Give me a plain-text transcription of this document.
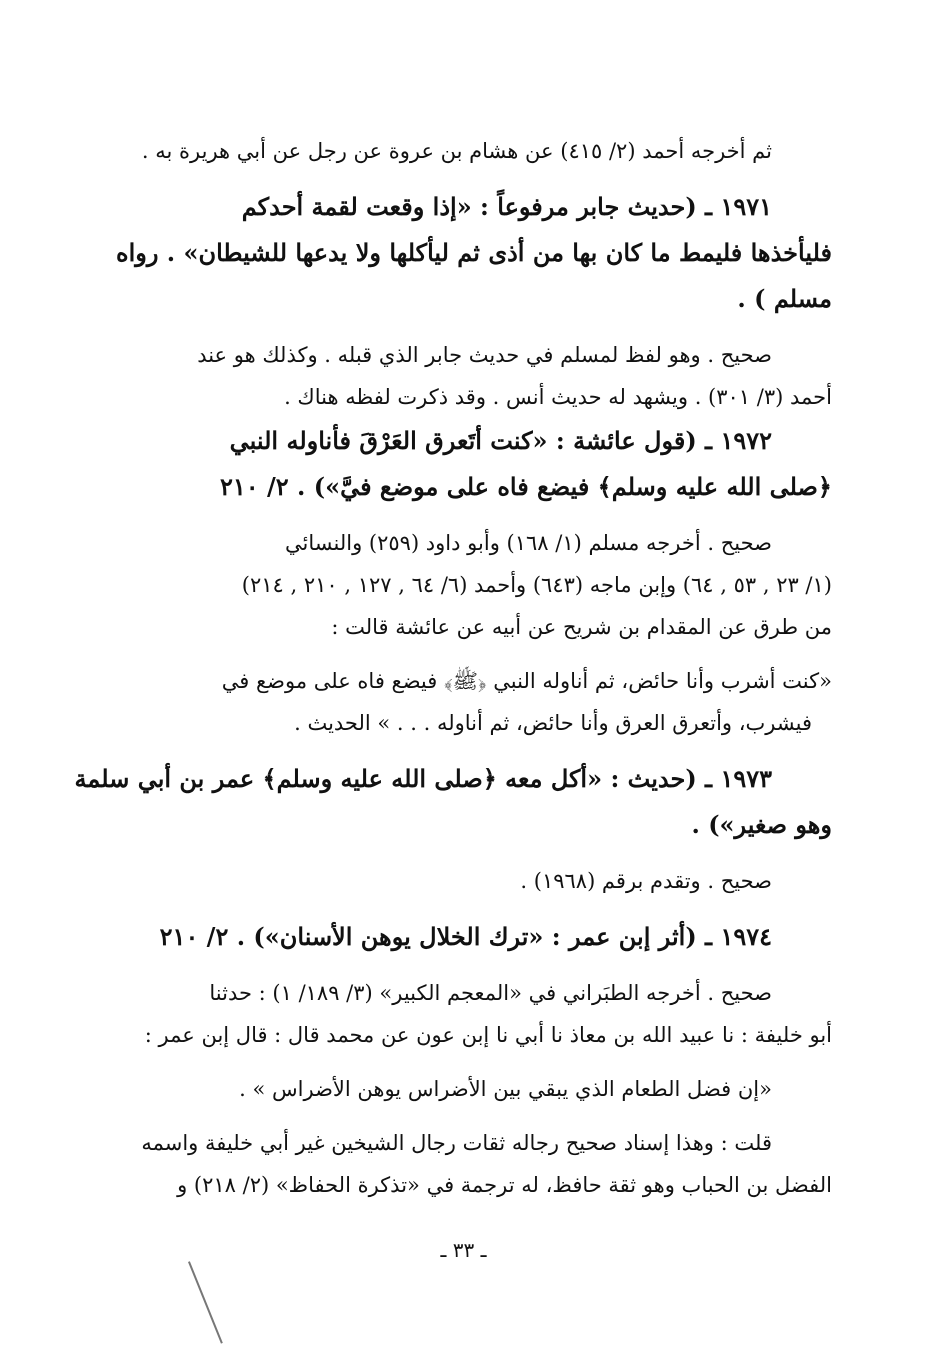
ثم أخرجه أحمد (٢/ ٤١٥) عن هشام بن عروة عن رجل عن أبي هريرة به .
١٩٧١ ـ (حديث جابر مرفوعاً : «إذا وقعت لقمة أحدكم
فليأخذها فليمط ما كان بها من أذى ثم ليأكلها ولا يدعها للشيطان» . رواه
مسلم ) .
صحيح . وهو لفظ لمسلم في حديث جابر الذي قبله . وكذلك هو عند
أحمد (٣/ ٣٠١) . ويشهد له حديث أنس . وقد ذكرت لفظه هناك .
١٩٧٢ ـ (قول عائشة : «كنت أتَعرق العَرْقَ فأناوله النبي
﴿صلى الله عليه وسلم﴾ فيضع فاه على موضع فيَّ») . ٢/ ٢١٠
صحيح . أخرجه مسلم (١/ ١٦٨) وأبو داود (٢٥٩) والنسائي
(١/ ٢٣ , ٥٣ , ٦٤) وإبن ماجه (٦٤٣) وأحمد (٦/ ٦٤ , ١٢٧ , ٢١٠ , ٢١٤)
من طرق عن المقدام بن شريح عن أبيه عن عائشة قالت :
«كنت أشرب وأنا حائض، ثم أناوله النبي ﴿ﷺ﴾ فيضع فاه على موضع في
فيشرب، وأتعرق العرق وأنا حائض، ثم أناوله . . . » الحديث .
١٩٧٣ ـ (حديث : «أكل معه ﴿صلى الله عليه وسلم﴾ عمر بن أبي سلمة
وهو صغير») .
صحيح . وتقدم برقم (١٩٦٨) .
١٩٧٤ ـ (أثر إبن عمر : «ترك الخلال يوهن الأسنان») . ٢/ ٢١٠
صحيح . أخرجه الطبَراني في «المعجم الكبير» (٣/ ١٨٩/ ١) : حدثنا
أبو خليفة : نا عبيد الله بن معاذ نا أبي نا إبن عون عن محمد قال : قال إبن عمر :
«إن فضل الطعام الذي يبقي بين الأضراس يوهن الأضراس » .
قلت : وهذا إسناد صحيح رجاله ثقات رجال الشيخين غير أبي خليفة واسمه
الفضل بن الحباب وهو ثقة حافظ، له ترجمة في «تذكرة الحفاظ» (٢/ ٢١٨) و
ـ ٣٣ ـ
